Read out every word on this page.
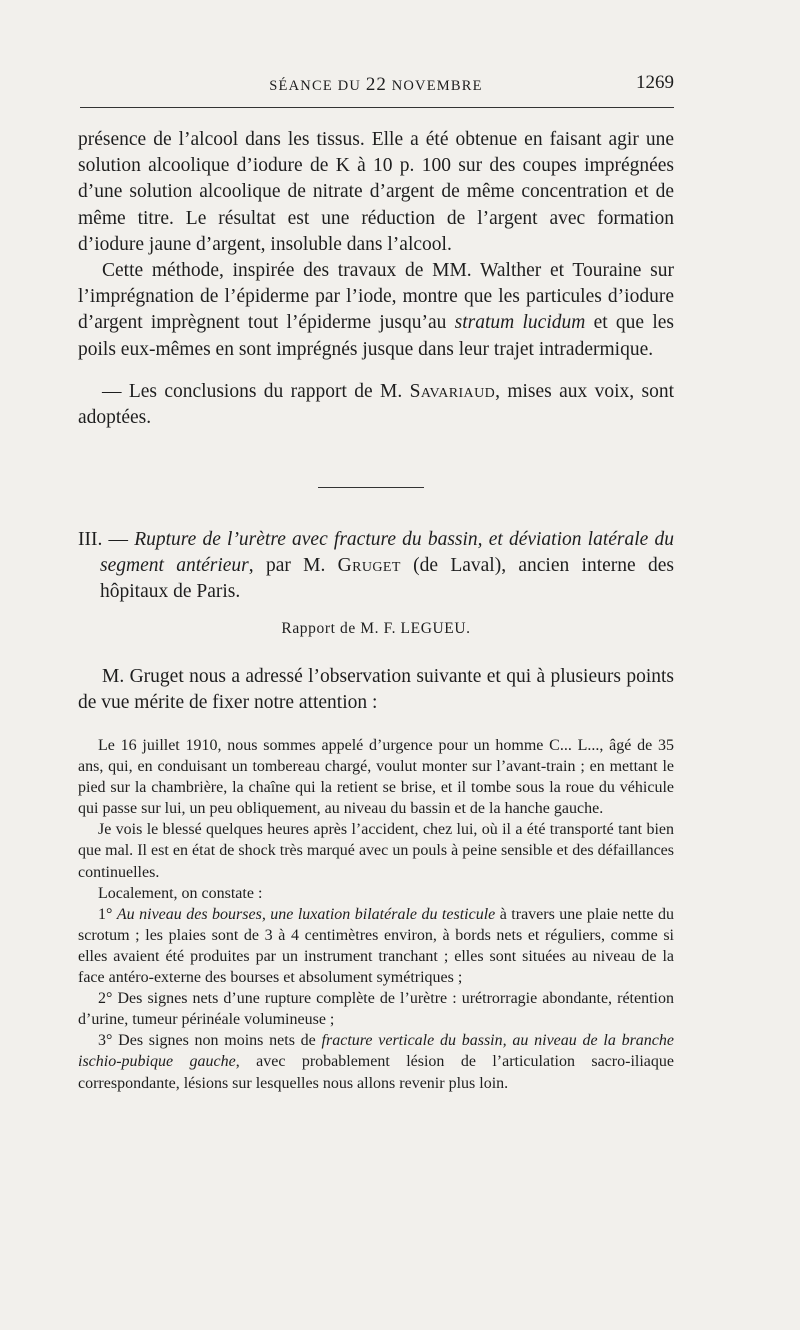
SÉANCE DU 22 NOVEMBRE	1269

présence de l’alcool dans les tissus. Elle a été obtenue en faisant agir une solution alcoolique d’iodure de K à 10 p. 100 sur des coupes imprégnées d’une solution alcoolique de nitrate d’argent de même concentration et de même titre. Le résultat est une réduction de l’argent avec formation d’iodure jaune d’argent, insoluble dans l’alcool.

Cette méthode, inspirée des travaux de MM. Walther et Touraine sur l’imprégnation de l’épiderme par l’iode, montre que les particules d’iodure d’argent imprègnent tout l’épiderme jusqu’au stratum lucidum et que les poils eux-mêmes en sont imprégnés jusque dans leur trajet intradermique.

— Les conclusions du rapport de M. Savariaud, mises aux voix, sont adoptées.

III. — Rupture de l’urètre avec fracture du bassin, et déviation latérale du segment antérieur, par M. Gruget (de Laval), ancien interne des hôpitaux de Paris.

Rapport de M. F. LEGUEU.

M. Gruget nous a adressé l’observation suivante et qui à plusieurs points de vue mérite de fixer notre attention :

Le 16 juillet 1910, nous sommes appelé d’urgence pour un homme C... L..., âgé de 35 ans, qui, en conduisant un tombereau chargé, voulut monter sur l’avant-train ; en mettant le pied sur la chambrière, la chaîne qui la retient se brise, et il tombe sous la roue du véhicule qui passe sur lui, un peu obliquement, au niveau du bassin et de la hanche gauche.

Je vois le blessé quelques heures après l’accident, chez lui, où il a été transporté tant bien que mal. Il est en état de shock très marqué avec un pouls à peine sensible et des défaillances continuelles.

Localement, on constate :

1° Au niveau des bourses, une luxation bilatérale du testicule à travers une plaie nette du scrotum ; les plaies sont de 3 à 4 centimètres environ, à bords nets et réguliers, comme si elles avaient été produites par un instrument tranchant ; elles sont situées au niveau de la face antéro-externe des bourses et absolument symétriques ;

2° Des signes nets d’une rupture complète de l’urètre : urétrorragie abondante, rétention d’urine, tumeur périnéale volumineuse ;

3° Des signes non moins nets de fracture verticale du bassin, au niveau de la branche ischio-pubique gauche, avec probablement lésion de l’articulation sacro-iliaque correspondante, lésions sur lesquelles nous allons revenir plus loin.
